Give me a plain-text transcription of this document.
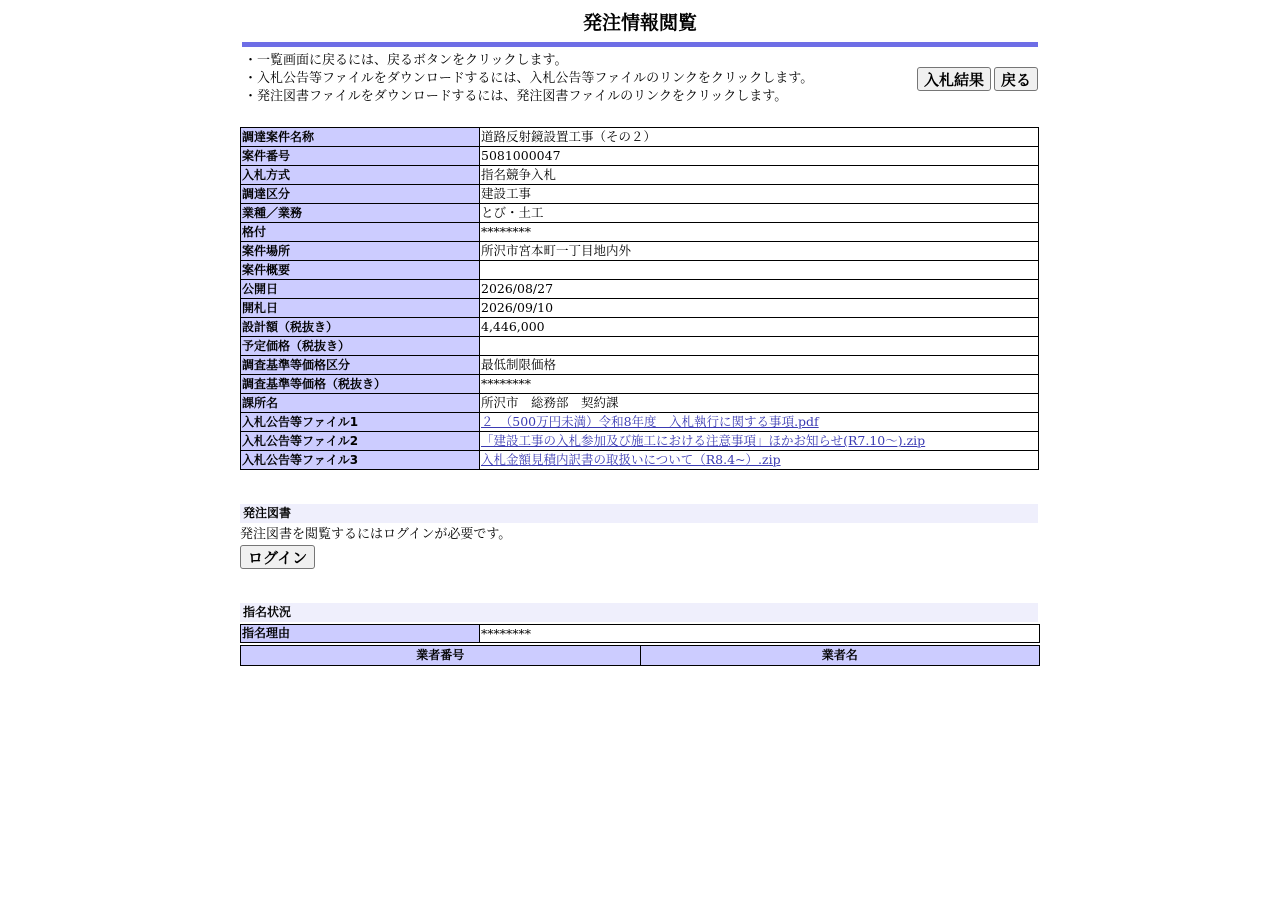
発注情報閲覧
・一覧画面に戻るには、戻るボタンをクリックします。
・入札公告等ファイルをダウンロードするには、入札公告等ファイルのリンクをクリックします。
・発注図書ファイルをダウンロードするには、発注図書ファイルのリンクをクリックします。
入札結果	戻る
調達案件名称	道路反射鏡設置工事（その２）
案件番号	5081000047
入札方式	指名競争入札
調達区分	建設工事
業種／業務	とび・土工
格付	********
案件場所	所沢市宮本町一丁目地内外
案件概要	
公開日	2026/08/27
開札日	2026/09/10
設計額（税抜き）	4,446,000
予定価格（税抜き）	
調査基準等価格区分	最低制限価格
調査基準等価格（税抜き）	********
課所名	所沢市　総務部　契約課
入札公告等ファイル1	２　（500万円未満）令和8年度　入札執行に関する事項.pdf
入札公告等ファイル2	「建設工事の入札参加及び施工における注意事項」ほかお知らせ(R7.10～).zip
入札公告等ファイル3	入札金額見積内訳書の取扱いについて（R8.4~）.zip
発注図書
発注図書を閲覧するにはログインが必要です。
ログイン
指名状況
指名理由	********
業者番号	業者名
